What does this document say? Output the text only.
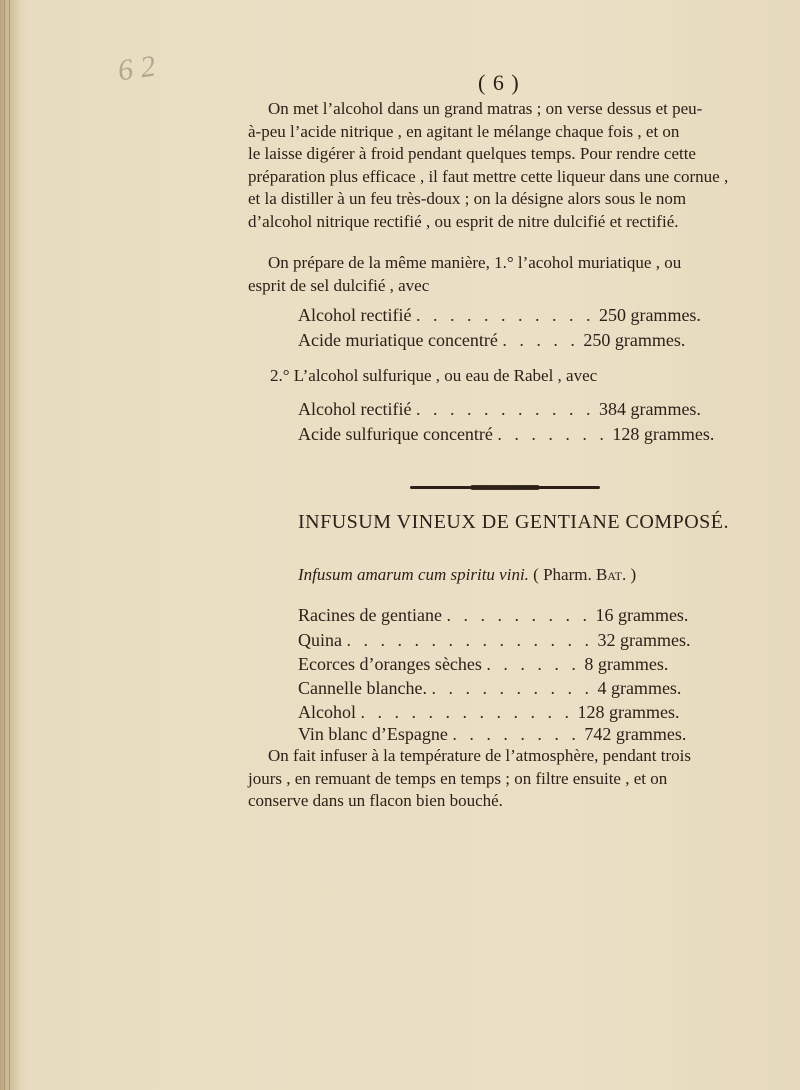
6 2	( 6 )

On met l’alcohol dans un grand matras ; on verse dessus et peu-
à-peu l’acide nitrique , en agitant le mélange chaque fois , et on
le laisse digérer à froid pendant quelques temps. Pour rendre cette
préparation plus efficace , il faut mettre cette liqueur dans une cornue ,
et la distiller à un feu très-doux ; on la désigne alors sous le nom
d’alcohol nitrique rectifié , ou esprit de nitre dulcifié et rectifié.

On prépare de la même manière, 1.° l’acohol muriatique , ou
esprit de sel dulcifié , avec

Alcohol rectifié . . . . . . . . . . . 250 grammes.
Acide muriatique concentré . . . . . 250 grammes.
2.° L’alcohol sulfurique , ou eau de Rabel , avec
Alcohol rectifié . . . . . . . . . . . 384 grammes.
Acide sulfurique concentré . . . . . . . 128 grammes.
INFUSUM VINEUX DE GENTIANE COMPOSÉ.
Infusum amarum cum spiritu vini. ( Pharm. Bat. )
Racines de gentiane . . . . . . . . . 16 grammes.
Quina . . . . . . . . . . . . . . . 32 grammes.
Ecorces d’oranges sèches . . . . . . 8 grammes.
Cannelle blanche. . . . . . . . . . . 4 grammes.
Alcohol . . . . . . . . . . . . . 128 grammes.
Vin blanc d’Espagne . . . . . . . . 742 grammes.

On fait infuser à la température de l’atmosphère, pendant trois
jours , en remuant de temps en temps ; on filtre ensuite , et on
conserve dans un flacon bien bouché.
